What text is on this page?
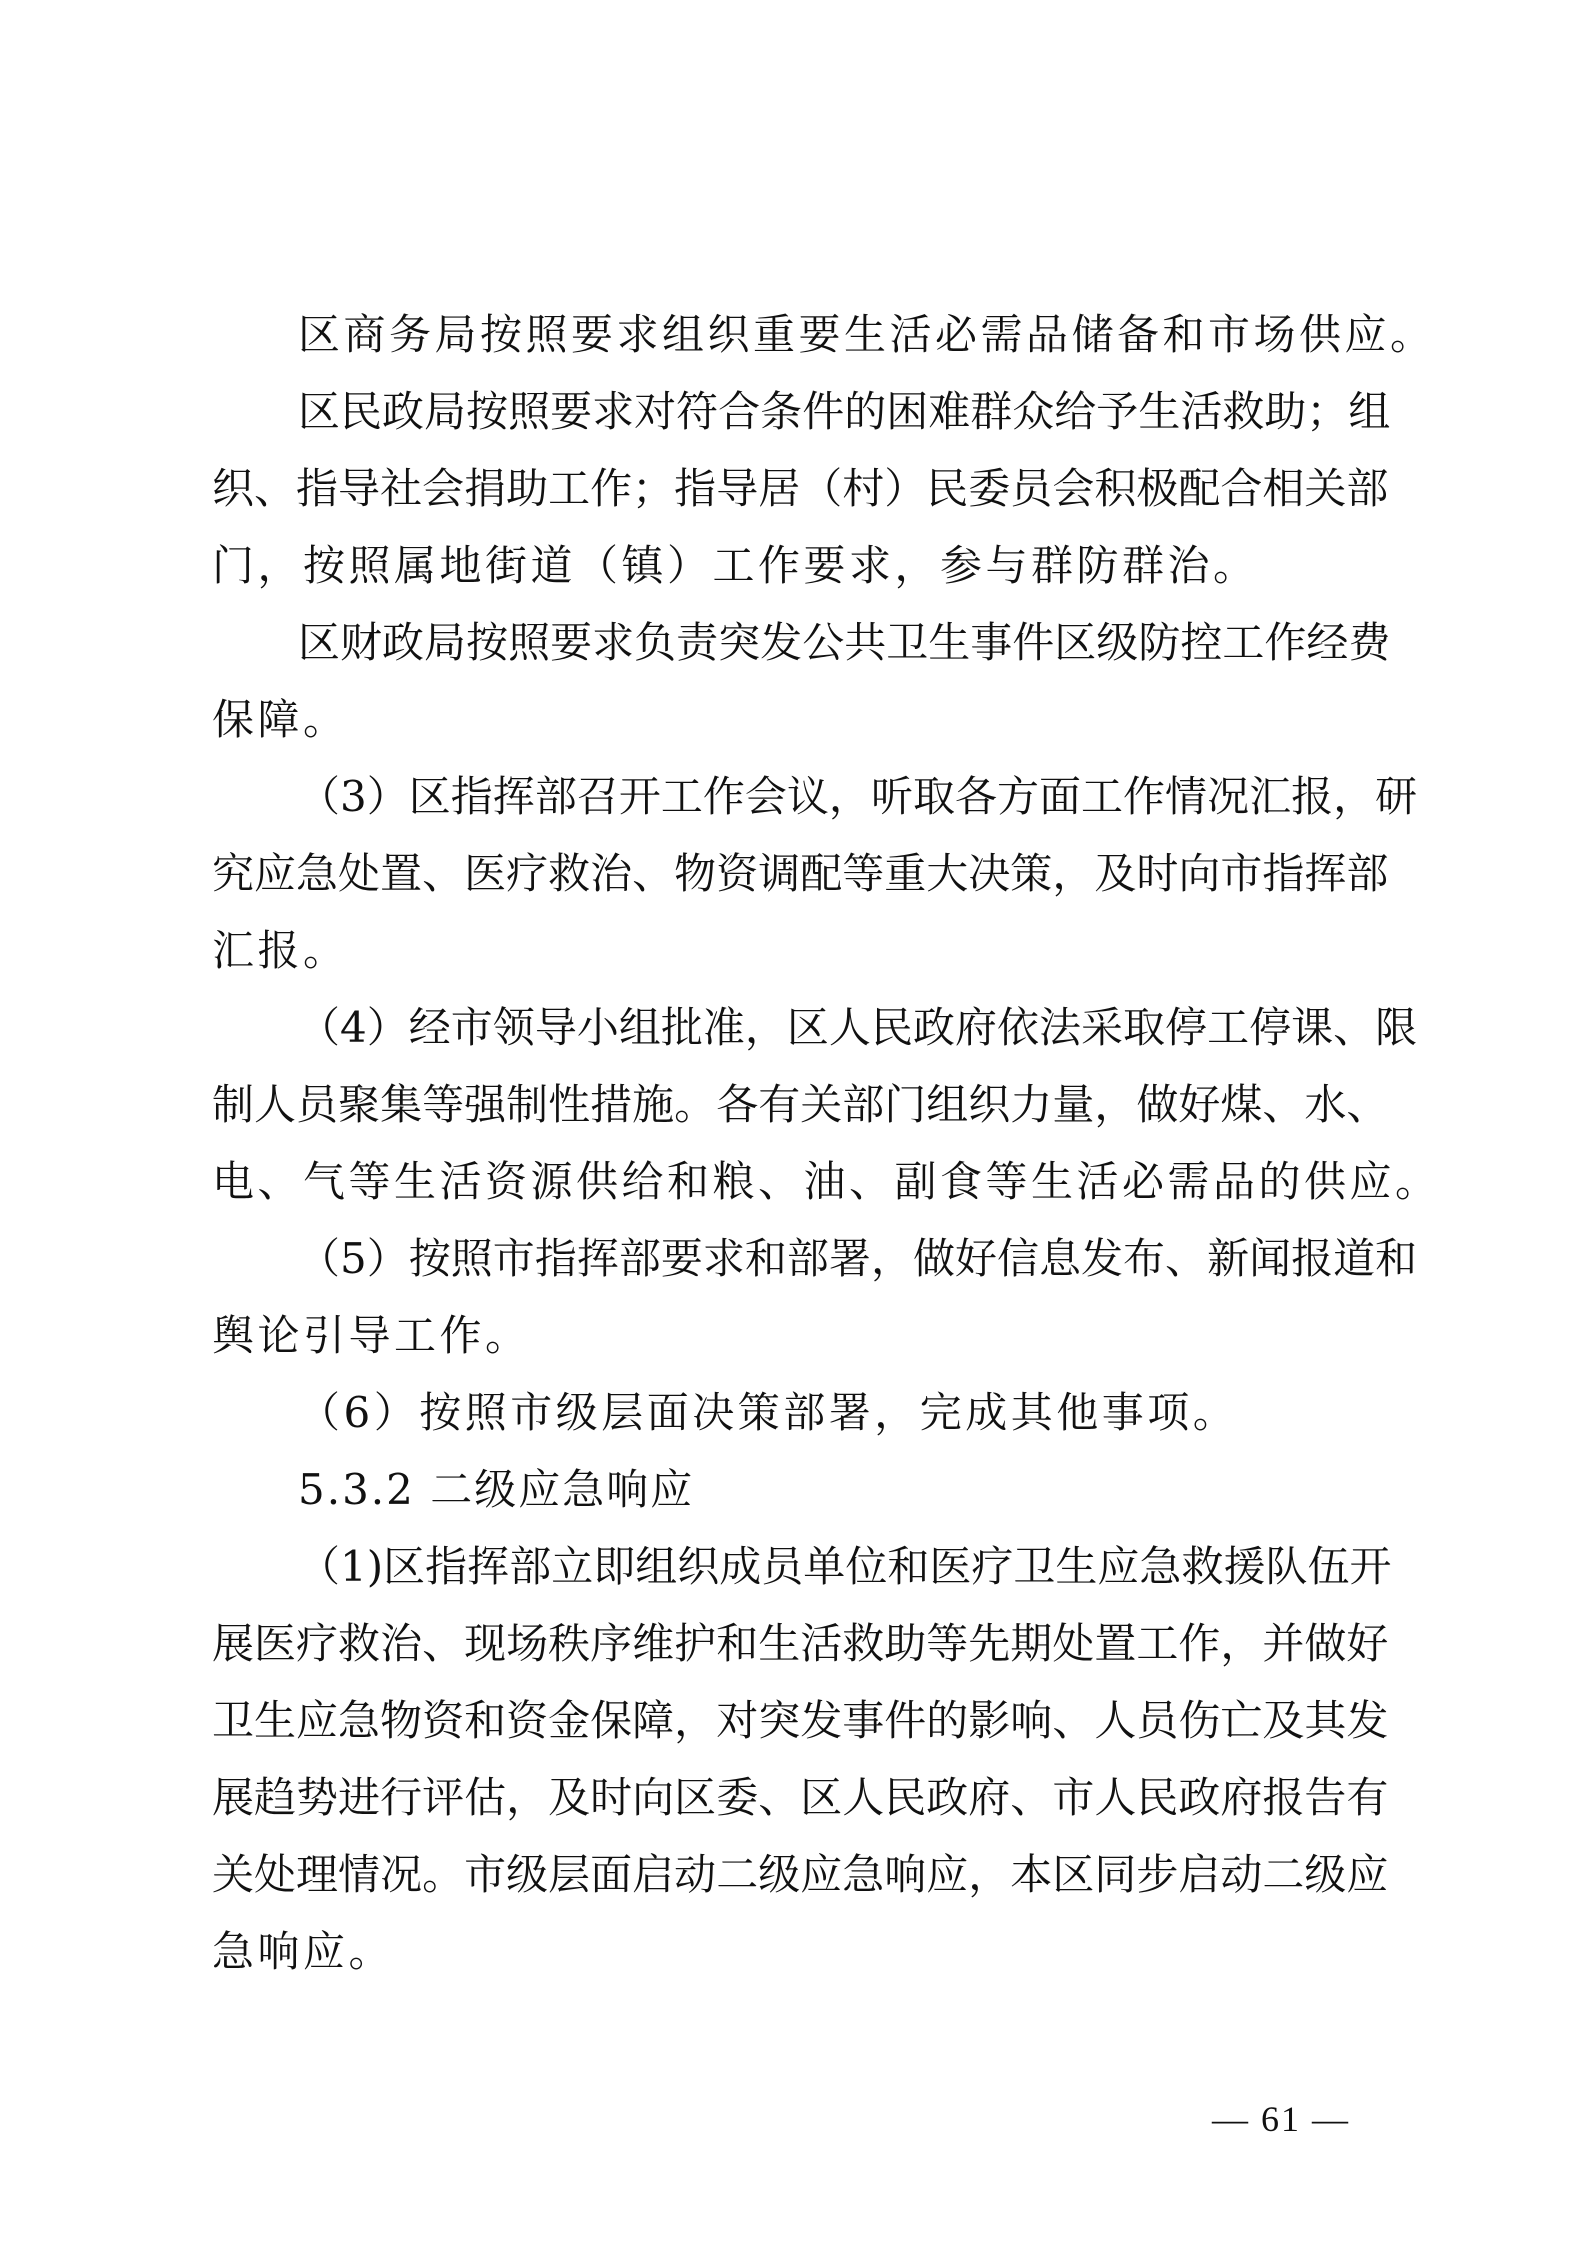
区商务局按照要求组织重要生活必需品储备和市场供应。
区 民 政 局 按 照 要 求 对 符 合 条 件 的 困 难 群 众 给 予 生 活 救 助 ； 组
织 、 指 导 社 会 捐 助 工 作 ； 指 导 居 （ 村 ） 民 委 员 会 积 极 配 合 相 关 部
门，按照属地街道（镇）工作要求，参与群防群治。
区 财 政 局 按 照 要 求 负 责 突 发 公 共 卫 生 事 件 区 级 防 控 工 作 经 费
保障。
（ 3 ） 区 指 挥 部 召 开 工 作 会 议 ， 听 取 各 方 面 工 作 情 况 汇 报 ， 研
究 应 急 处 置 、 医 疗 救 治 、 物 资 调 配 等 重 大 决 策 ， 及 时 向 市 指 挥 部
汇报。
（ 4 ） 经 市 领 导 小 组 批 准 ， 区 人 民 政 府 依 法 采 取 停 工 停 课 、 限
制 人 员 聚 集 等 强 制 性 措 施 。 各 有 关 部 门 组 织 力 量 ， 做 好 煤 、 水 、
电、气等生活资源供给和粮、油、副食等生活必需品的供应。
（ 5 ） 按 照 市 指 挥 部 要 求 和 部 署 ， 做 好 信 息 发 布 、 新 闻 报 道 和
舆论引导工作。
（6）按照市级层面决策部署，完成其他事项。
5.3.2 二级应急响应
（ 1 ) 区 指 挥 部 立 即 组 织 成 员 单 位 和 医 疗 卫 生 应 急 救 援 队 伍 开
展 医 疗 救 治 、 现 场 秩 序 维 护 和 生 活 救 助 等 先 期 处 置 工 作 ， 并 做 好
卫 生 应 急 物 资 和 资 金 保 障 ， 对 突 发 事 件 的 影 响 、 人 员 伤 亡 及 其 发
展 趋 势 进 行 评 估 ， 及 时 向 区 委 、 区 人 民 政 府 、 市 人 民 政 府 报 告 有
关 处 理 情 况 。 市 级 层 面 启 动 二 级 应 急 响 应 ， 本 区 同 步 启 动 二 级 应
急响应。
— 61 —
